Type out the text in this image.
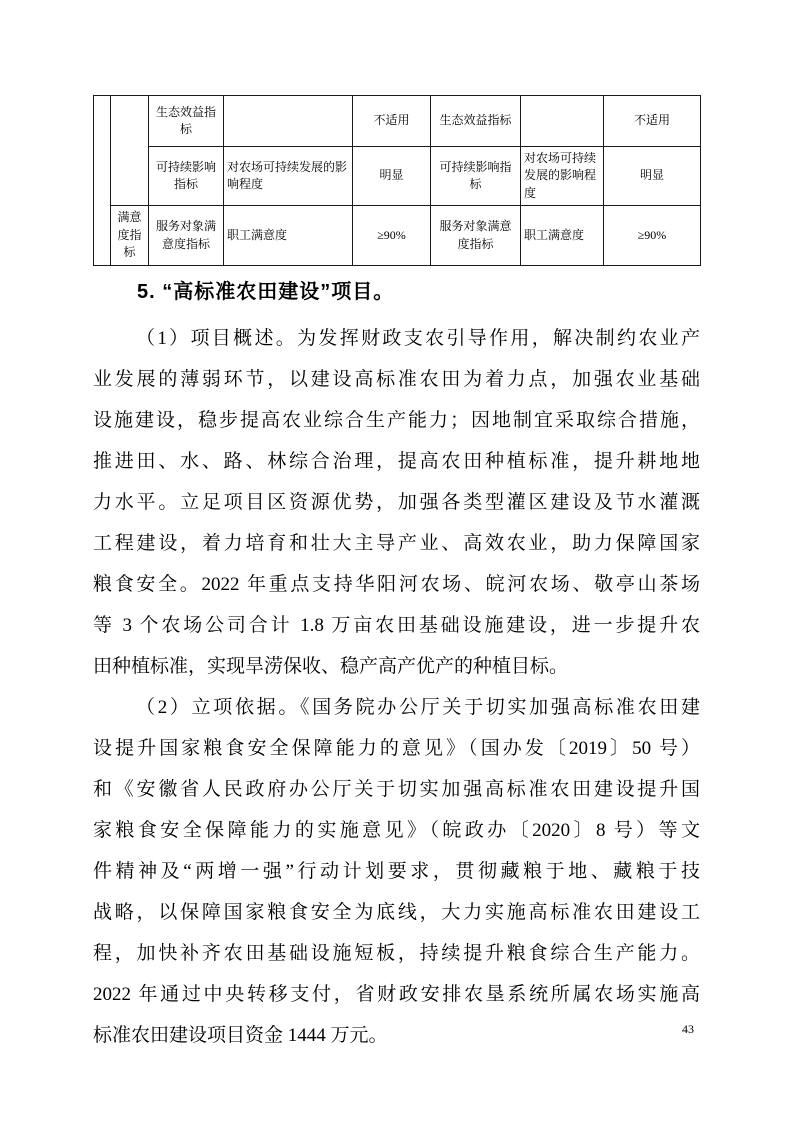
		生态效益指标		不适用	生态效益指标		不适用
		可持续影响指标	对农场可持续发展的影响程度	明显	可持续影响指标	对农场可持续发展的影响程度	明显
	满意度指标	服务对象满意度指标	职工满意度	≥90%	服务对象满意度指标	职工满意度	≥90%
5. “高标准农田建设”项目。
（1）项目概述。为发挥财政支农引导作用，解决制约农业产
业发展的薄弱环节，以建设高标准农田为着力点，加强农业基础
设施建设，稳步提高农业综合生产能力；因地制宜采取综合措施，
推进田、水、路、林综合治理，提高农田种植标准，提升耕地地
力水平。立足项目区资源优势，加强各类型灌区建设及节水灌溉
工程建设，着力培育和壮大主导产业、高效农业，助力保障国家
粮食安全。2022 年重点支持华阳河农场、皖河农场、敬亭山茶场
等 3 个农场公司合计 1.8 万亩农田基础设施建设，进一步提升农
田种植标准，实现旱涝保收、稳产高产优产的种植目标。
（2）立项依据。《国务院办公厅关于切实加强高标准农田建
设提升国家粮食安全保障能力的意见》（国办发〔2019〕50 号）
和《安徽省人民政府办公厅关于切实加强高标准农田建设提升国
家粮食安全保障能力的实施意见》（皖政办〔2020〕8 号）等文
件精神及“两增一强”行动计划要求，贯彻藏粮于地、藏粮于技
战略，以保障国家粮食安全为底线，大力实施高标准农田建设工
程，加快补齐农田基础设施短板，持续提升粮食综合生产能力。
2022 年通过中央转移支付，省财政安排农垦系统所属农场实施高
标准农田建设项目资金 1444 万元。	43
